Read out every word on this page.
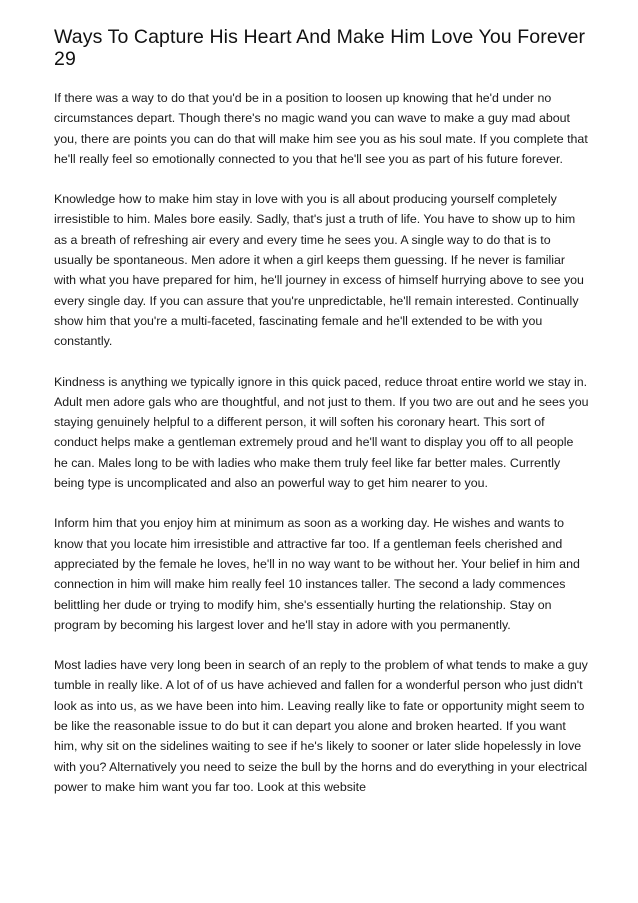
Ways To Capture His Heart And Make Him Love You Forever 29

If there was a way to do that you'd be in a position to loosen up knowing that he'd under no circumstances depart. Though there's no magic wand you can wave to make a guy mad about you, there are points you can do that will make him see you as his soul mate. If you complete that he'll really feel so emotionally connected to you that he'll see you as part of his future forever.

Knowledge how to make him stay in love with you is all about producing yourself completely irresistible to him. Males bore easily. Sadly, that's just a truth of life. You have to show up to him as a breath of refreshing air every and every time he sees you. A single way to do that is to usually be spontaneous. Men adore it when a girl keeps them guessing. If he never is familiar with what you have prepared for him, he'll journey in excess of himself hurrying above to see you every single day. If you can assure that you're unpredictable, he'll remain interested. Continually show him that you're a multi-faceted, fascinating female and he'll extended to be with you constantly.

Kindness is anything we typically ignore in this quick paced, reduce throat entire world we stay in. Adult men adore gals who are thoughtful, and not just to them. If you two are out and he sees you staying genuinely helpful to a different person, it will soften his coronary heart. This sort of conduct helps make a gentleman extremely proud and he'll want to display you off to all people he can. Males long to be with ladies who make them truly feel like far better males. Currently being type is uncomplicated and also an powerful way to get him nearer to you.

Inform him that you enjoy him at minimum as soon as a working day. He wishes and wants to know that you locate him irresistible and attractive far too. If a gentleman feels cherished and appreciated by the female he loves, he'll in no way want to be without her. Your belief in him and connection in him will make him really feel 10 instances taller. The second a lady commences belittling her dude or trying to modify him, she's essentially hurting the relationship. Stay on program by becoming his largest lover and he'll stay in adore with you permanently.

Most ladies have very long been in search of an reply to the problem of what tends to make a guy tumble in really like. A lot of of us have achieved and fallen for a wonderful person who just didn't look as into us, as we have been into him. Leaving really like to fate or opportunity might seem to be like the reasonable issue to do but it can depart you alone and broken hearted. If you want him, why sit on the sidelines waiting to see if he's likely to sooner or later slide hopelessly in love with you? Alternatively you need to seize the bull by the horns and do everything in your electrical power to make him want you far too. Look at this website
